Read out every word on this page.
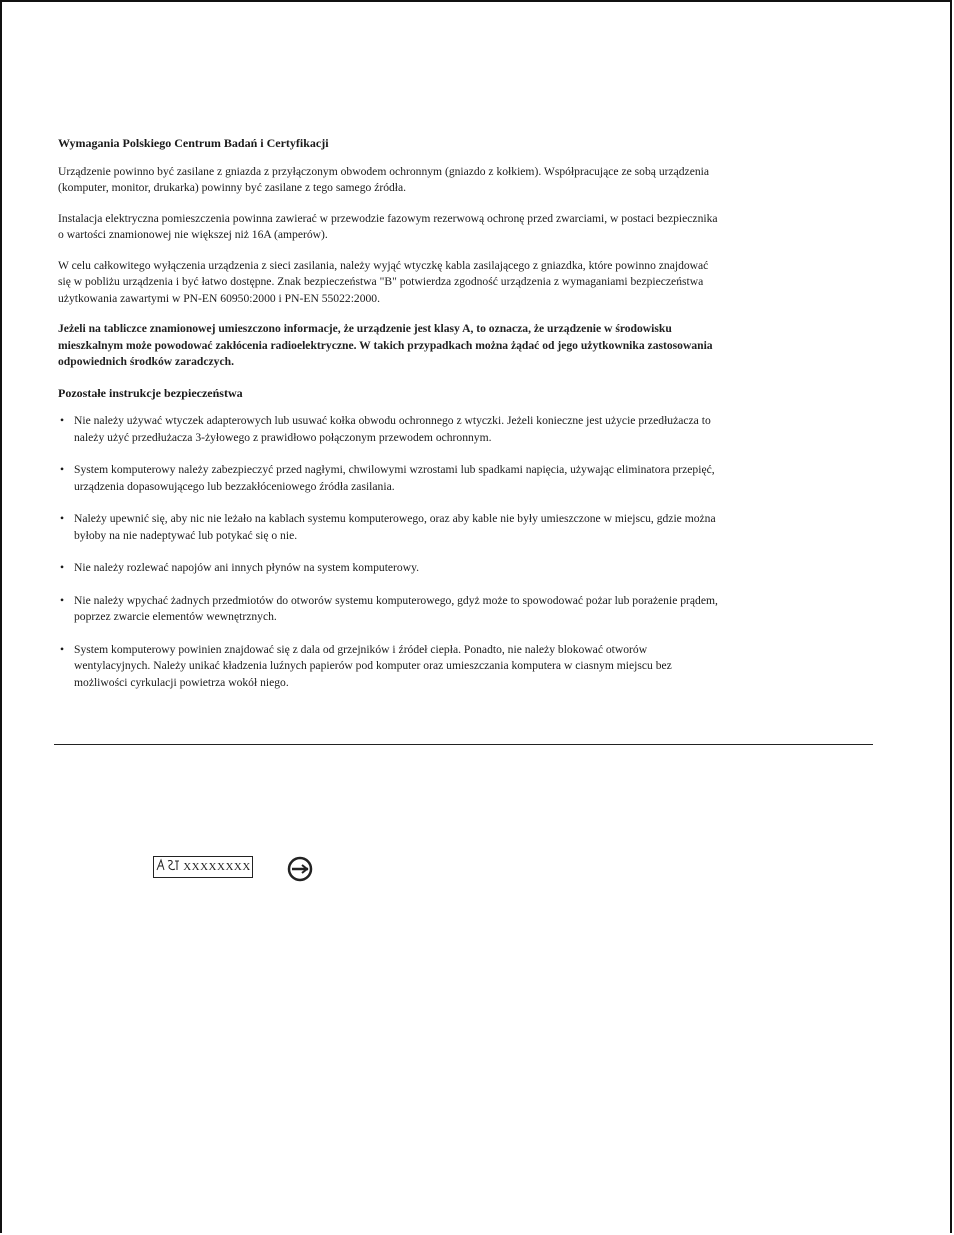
Wymagania Polskiego Centrum Badań i Certyfikacji

Urządzenie powinno być zasilane z gniazda z przyłączonym obwodem ochronnym (gniazdo z kołkiem). Współpracujące ze sobą urządzenia (komputer, monitor, drukarka) powinny być zasilane z tego samego źródła.

Instalacja elektryczna pomieszczenia powinna zawierać w przewodzie fazowym rezerwową ochronę przed zwarciami, w postaci bezpiecznika o wartości znamionowej nie większej niż 16A (amperów).

W celu całkowitego wyłączenia urządzenia z sieci zasilania, należy wyjąć wtyczkę kabla zasilającego z gniazdka, które powinno znajdować się w pobliżu urządzenia i być łatwo dostępne. Znak bezpieczeństwa "B" potwierdza zgodność urządzenia z wymaganiami bezpieczeństwa użytkowania zawartymi w PN-EN 60950:2000 i PN-EN 55022:2000.

Jeżeli na tabliczce znamionowej umieszczono informacje, że urządzenie jest klasy A, to oznacza, że urządzenie w środowisku mieszkalnym może powodować zakłócenia radioelektryczne. W takich przypadkach można żądać od jego użytkownika zastosowania odpowiednich środków zaradczych.

Pozostałe instrukcje bezpieczeństwa
• Nie należy używać wtyczek adapterowych lub usuwać kołka obwodu ochronnego z wtyczki. Jeżeli konieczne jest użycie przedłużacza to należy użyć przedłużacza 3-żyłowego z prawidłowo połączonym przewodem ochronnym.
• System komputerowy należy zabezpieczyć przed nagłymi, chwilowymi wzrostami lub spadkami napięcia, używając eliminatora przepięć, urządzenia dopasowującego lub bezzakłóceniowego źródła zasilania.
• Należy upewnić się, aby nic nie leżało na kablach systemu komputerowego, oraz aby kable nie były umieszczone w miejscu, gdzie można byłoby na nie nadeptywać lub potykać się o nie.
• Nie należy rozlewać napojów ani innych płynów na system komputerowy.
• Nie należy wpychać żadnych przedmiotów do otworów systemu komputerowego, gdyż może to spowodować pożar lub porażenie prądem, poprzez zwarcie elementów wewnętrznych.
• System komputerowy powinien znajdować się z dala od grzejników i źródeł ciepła. Ponadto, nie należy blokować otworów wentylacyjnych. Należy unikać kładzenia luźnych papierów pod komputer oraz umieszczania komputera w ciasnym miejscu bez możliwości cyrkulacji powietrza wokół niego.
XXXXXXXX
